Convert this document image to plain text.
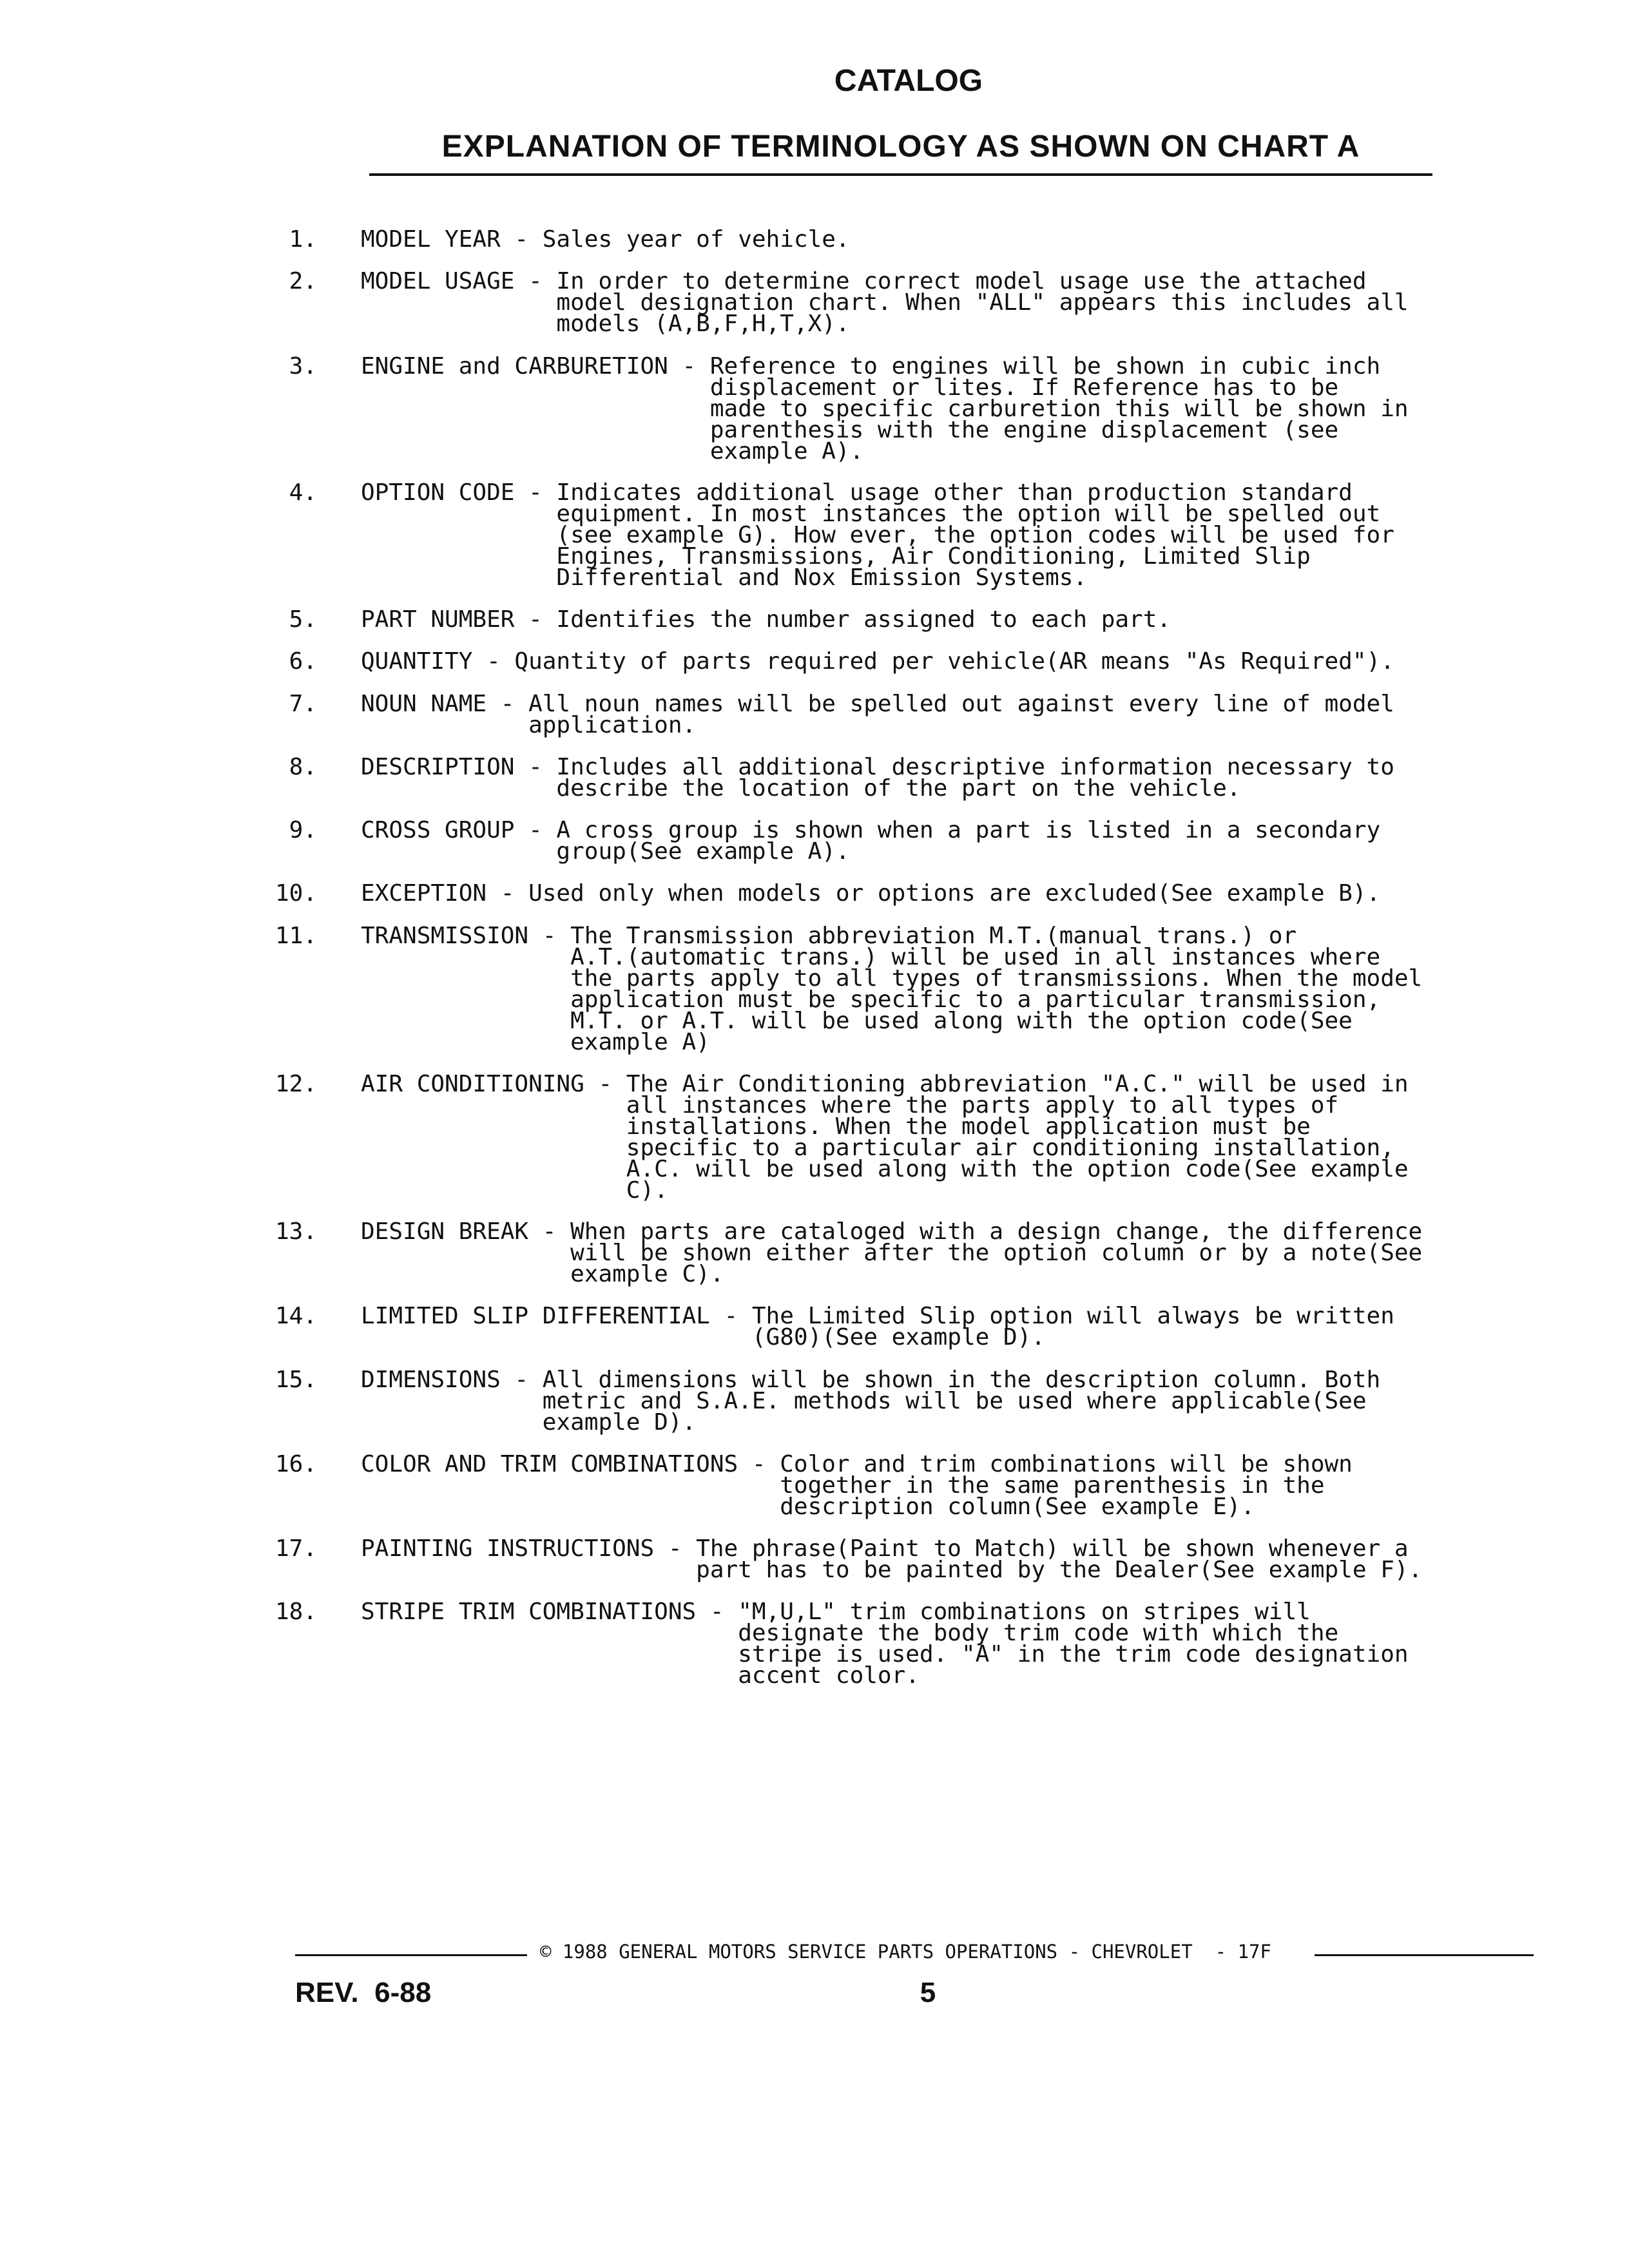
CATALOG
EXPLANATION OF TERMINOLOGY AS SHOWN ON CHART A
1. MODEL YEAR - Sales year of vehicle.
2. MODEL USAGE - In order to determine correct model usage use the attached
model designation chart. When "ALL" appears this includes all
models (A,B,F,H,T,X).
3. ENGINE and CARBURETION - Reference to engines will be shown in cubic inch
displacement or lites. If Reference has to be
made to specific carburetion this will be shown in
parenthesis with the engine displacement (see
example A).
4. OPTION CODE - Indicates additional usage other than production standard
equipment. In most instances the option will be spelled out
(see example G). How ever, the option codes will be used for
Engines, Transmissions, Air Conditioning, Limited Slip
Differential and Nox Emission Systems.
5. PART NUMBER - Identifies the number assigned to each part.
6. QUANTITY - Quantity of parts required per vehicle(AR means "As Required").
7. NOUN NAME - All noun names will be spelled out against every line of model
application.
8. DESCRIPTION - Includes all additional descriptive information necessary to
describe the location of the part on the vehicle.
9. CROSS GROUP - A cross group is shown when a part is listed in a secondary
group(See example A).
10. EXCEPTION - Used only when models or options are excluded(See example B).
11. TRANSMISSION - The Transmission abbreviation M.T.(manual trans.) or
A.T.(automatic trans.) will be used in all instances where
the parts apply to all types of transmissions. When the model
application must be specific to a particular transmission,
M.T. or A.T. will be used along with the option code(See
example A)
12. AIR CONDITIONING - The Air Conditioning abbreviation "A.C." will be used in
all instances where the parts apply to all types of
installations. When the model application must be
specific to a particular air conditioning installation,
A.C. will be used along with the option code(See example
C).
13. DESIGN BREAK - When parts are cataloged with a design change, the difference
will be shown either after the option column or by a note(See
example C).
14. LIMITED SLIP DIFFERENTIAL - The Limited Slip option will always be written
(G80)(See example D).
15. DIMENSIONS - All dimensions will be shown in the description column. Both
metric and S.A.E. methods will be used where applicable(See
example D).
16. COLOR AND TRIM COMBINATIONS - Color and trim combinations will be shown
together in the same parenthesis in the
description column(See example E).
17. PAINTING INSTRUCTIONS - The phrase(Paint to Match) will be shown whenever a
part has to be painted by the Dealer(See example F).
18. STRIPE TRIM COMBINATIONS - "M,U,L" trim combinations on stripes will
designate the body trim code with which the
stripe is used. "A" in the trim code designation
accent color.
© 1988 GENERAL MOTORS SERVICE PARTS OPERATIONS - CHEVROLET  - 17F
REV.  6-88	5
